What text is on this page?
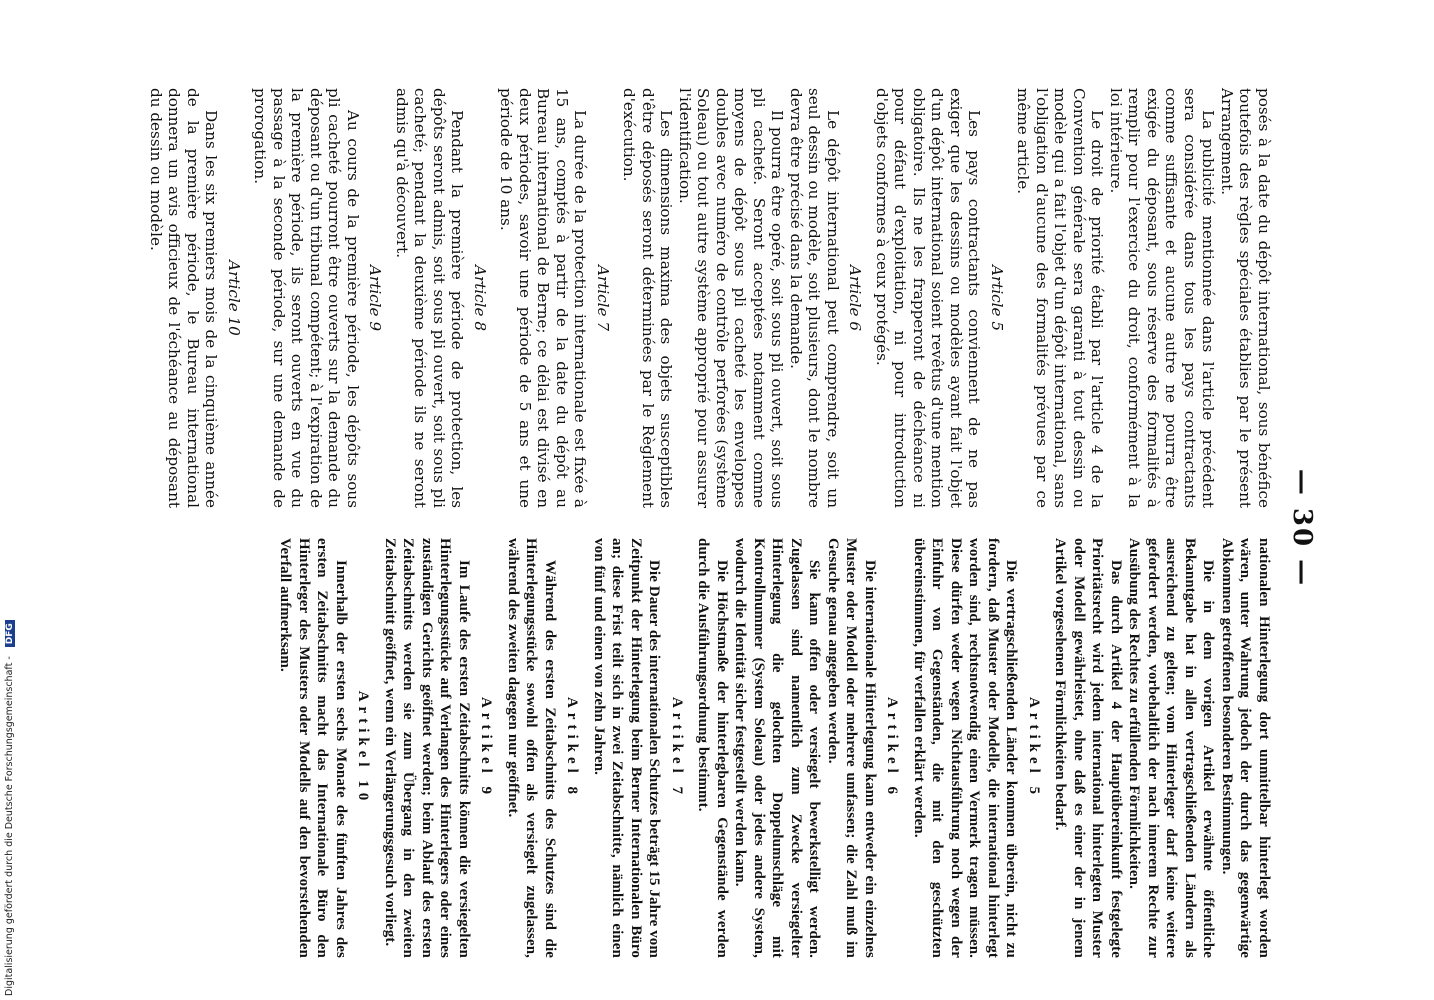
— 30 —

posés à la date du dépôt international, sous bénéfice toutefois des règles spéciales établies par le présent Arrangement.

La publicité mentionnée dans l'article précédent sera considérée dans tous les pays contractants comme suffisante et aucune autre ne pourra être exigée du déposant, sous réserve des formalités à remplir pour l'exercice du droit, conformément à la loi intérieure.

Le droit de priorité établi par l'article 4 de la Convention générale sera garanti à tout dessin ou modèle qui a fait l'objet d'un dépôt international, sans l'obligation d'aucune des formalités prévues par ce même article.

Article 5

Les pays contractants conviennent de ne pas exiger que les dessins ou modèles ayant fait l'objet d'un dépôt international soient revêtus d'une mention obligatoire. Ils ne les frapperont de déchéance ni pour défaut d'exploitation, ni pour introduction d'objets conformes à ceux protégés.

Article 6

Le dépôt international peut comprendre, soit un seul dessin ou modèle, soit plusieurs, dont le nombre devra être précisé dans la demande.

Il pourra être opéré, soit sous pli ouvert, soit sous pli cacheté. Seront acceptées notamment comme moyens de dépôt sous pli cacheté les enveloppes doubles avec numéro de contrôle perforées (système Soleau) ou tout autre système approprié pour assurer l'identification.

Les dimensions maxima des objets susceptibles d'être déposés seront déterminées par le Règlement d'exécution.

Article 7

La durée de la protection internationale est fixée à 15 ans, comptés à partir de la date du dépôt au Bureau international de Berne; ce délai est divisé en deux périodes, savoir une période de 5 ans et une période de 10 ans.

Article 8

Pendant la première période de protection, les dépôts seront admis, soit sous pli ouvert, soit sous pli cacheté; pendant la deuxième période ils ne seront admis qu'à découvert.

Article 9

Au cours de la première période, les dépôts sous pli cacheté pourront être ouverts sur la demande du déposant ou d'un tribunal compétent; à l'expiration de la première période, ils seront ouverts en vue du passage à la seconde période, sur une demande de prorogation.

Article 10

Dans les six premiers mois de la cinquième année de la première période, le Bureau international donnera un avis officieux de l'échéance au déposant du dessin ou modèle.

nationalen Hinterlegung dort unmittelbar hinterlegt worden wären, unter Wahrung jedoch der durch das gegenwärtige Abkommen getroffenen besonderen Bestimmungen.

Die in dem vorigen Artikel erwähnte öffentliche Bekanntgabe hat in allen vertragschließenden Ländern als ausreichend zu gelten; vom Hinterleger darf keine weitere gefordert werden, vorbehaltlich der nach innerem Rechte zur Ausübung des Rechtes zu erfüllenden Förmlichkeiten.

Das durch Artikel 4 der Hauptübereinkunft festgelegte Prioritätsrecht wird jedem international hinterlegten Muster oder Modell gewährleistet, ohne daß es einer der in jenem Artikel vorgesehenen Förmlichkeiten bedarf.

Artikel 5

Die vertragschließenden Länder kommen überein, nicht zu fordern, daß Muster oder Modelle, die international hinterlegt worden sind, rechtsnotwendig einen Vermerk tragen müssen. Diese dürfen weder wegen Nichtausführung noch wegen der Einfuhr von Gegenständen, die mit den geschützten übereinstimmen, für verfallen erklärt werden.

Artikel 6

Die internationale Hinterlegung kann entweder ein einzelnes Muster oder Modell oder mehrere umfassen; die Zahl muß im Gesuche genau angegeben werden.

Sie kann offen oder versiegelt bewerkstelligt werden. Zugelassen sind namentlich zum Zwecke versiegelter Hinterlegung die gelochten Doppelumschläge mit Kontrollnummer (System Soleau) oder jedes andere System, wodurch die Identität sicher festgestellt werden kann.

Die Höchstmaße der hinterlegbaren Gegenstände werden durch die Ausführungsordnung bestimmt.

Artikel 7

Die Dauer des internationalen Schutzes beträgt 15 Jahre vom Zeitpunkt der Hinterlegung beim Berner Internationalen Büro an; diese Frist teilt sich in zwei Zeitabschnitte, nämlich einen von fünf und einen von zehn Jahren.

Artikel 8

Während des ersten Zeitabschnitts des Schutzes sind die Hinterlegungsstücke sowohl offen als versiegelt zugelassen, während des zweiten dagegen nur geöffnet.

Artikel 9

Im Laufe des ersten Zeitabschnitts können die versiegelten Hinterlegungsstücke auf Verlangen des Hinterlegers oder eines zuständigen Gerichts geöffnet werden; beim Ablauf des ersten Zeitabschnitts werden sie zum Übergang in den zweiten Zeitabschnitt geöffnet, wenn ein Verlängerungsgesuch vorliegt.

Artikel 10

Innerhalb der ersten sechs Monate des fünften Jahres des ersten Zeitabschnitts macht das Internationale Büro den Hinterleger des Musters oder Modells auf den bevorstehenden Verfall aufmerksam.

Digitalisierung gefördert durch die Deutsche Forschungsgemeinschaft - DFG
